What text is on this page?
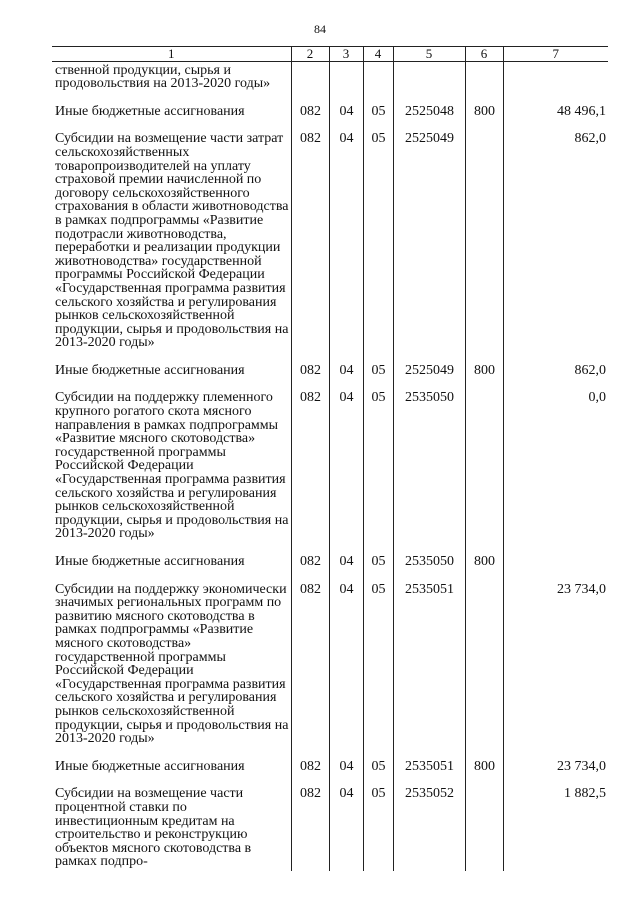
84
1	2	3	4	5	6	7
ственной продукции, сырья и продовольствия на 2013-2020 годы»						
Иные бюджетные ассигнования	082	04	05	2525048	800	48 496,1
Субсидии на возмещение части затрат сельскохозяйственных товаропроизводителей на уплату страховой премии начисленной по договору сельскохозяйственного страхования в области животноводства в рамках подпрограммы «Развитие подотрасли животноводства, переработки и реализации продукции животноводства» государственной программы Российской Федерации «Государственная программа развития сельского хозяйства и регулирования рынков сельскохозяйственной продукции, сырья и продовольствия на 2013-2020 годы»	082	04	05	2525049		862,0
Иные бюджетные ассигнования	082	04	05	2525049	800	862,0
Субсидии на поддержку племенного крупного рогатого скота мясного направления в рамках подпрограммы «Развитие мясного скотоводства» государственной программы Российской Федерации «Государственная программа развития сельского хозяйства и регулирования рынков сельскохозяйственной продукции, сырья и продовольствия на 2013-2020 годы»	082	04	05	2535050		0,0
Иные бюджетные ассигнования	082	04	05	2535050	800	
Субсидии на поддержку экономически значимых региональных программ по развитию мясного скотоводства в рамках подпрограммы «Развитие мясного скотоводства» государственной программы Российской Федерации «Государственная программа развития сельского хозяйства и регулирования рынков сельскохозяйственной продукции, сырья и продовольствия на 2013-2020 годы»	082	04	05	2535051		23 734,0
Иные бюджетные ассигнования	082	04	05	2535051	800	23 734,0
Субсидии на возмещение части процентной ставки по инвестиционным кредитам на строительство и реконструкцию объектов мясного скотоводства в рамках подпро-	082	04	05	2535052		1 882,5
